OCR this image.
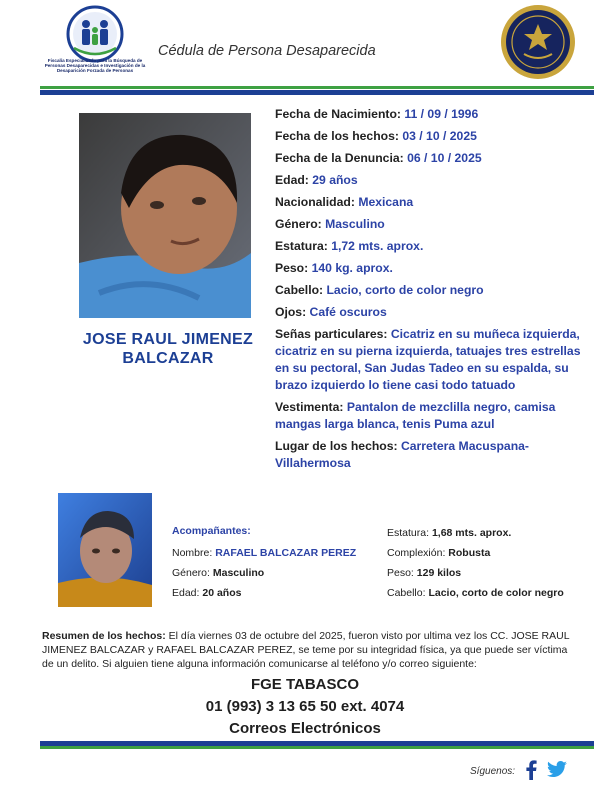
Fiscalía Especializada para la Búsqueda de Personas Desaparecidas e Investigación de la Desaparición Forzada de Personas
Cédula de Persona Desaparecida
JOSE RAUL JIMENEZ
BALCAZAR
Fecha de Nacimiento: 11 / 09 / 1996
Fecha de los hechos: 03 / 10 / 2025
Fecha de la Denuncia: 06 / 10 / 2025
Edad: 29 años
Nacionalidad: Mexicana
Género: Masculino
Estatura: 1,72 mts. aprox.
Peso: 140 kg. aprox.
Cabello: Lacio, corto de color negro
Ojos: Café oscuros
Señas particulares: Cicatriz en su muñeca izquierda, cicatriz en su pierna izquierda, tatuajes tres estrellas en su pectoral, San Judas Tadeo en su espalda, su brazo izquierdo lo tiene casi todo tatuado
Vestimenta: Pantalon de mezclilla negro, camisa mangas larga blanca, tenis Puma azul
Lugar de los hechos: Carretera Macuspana-Villahermosa
Acompañantes:
Nombre: RAFAEL BALCAZAR PEREZ
Género: Masculino
Edad: 20 años
Estatura: 1,68 mts. aprox.
Complexión: Robusta
Peso: 129 kilos
Cabello: Lacio, corto de color negro
Resumen de los hechos: El día viernes 03 de octubre del 2025, fueron visto por ultima vez los CC. JOSE RAUL JIMENEZ BALCAZAR y RAFAEL BALCAZAR PEREZ, se teme por su integridad física, ya que puede ser víctima de un delito. Si alguien tiene alguna información comunicarse al teléfono y/o correo siguiente:
FGE TABASCO
01 (993) 3 13 65 50 ext. 4074
Correos Electrónicos
Síguenos:
